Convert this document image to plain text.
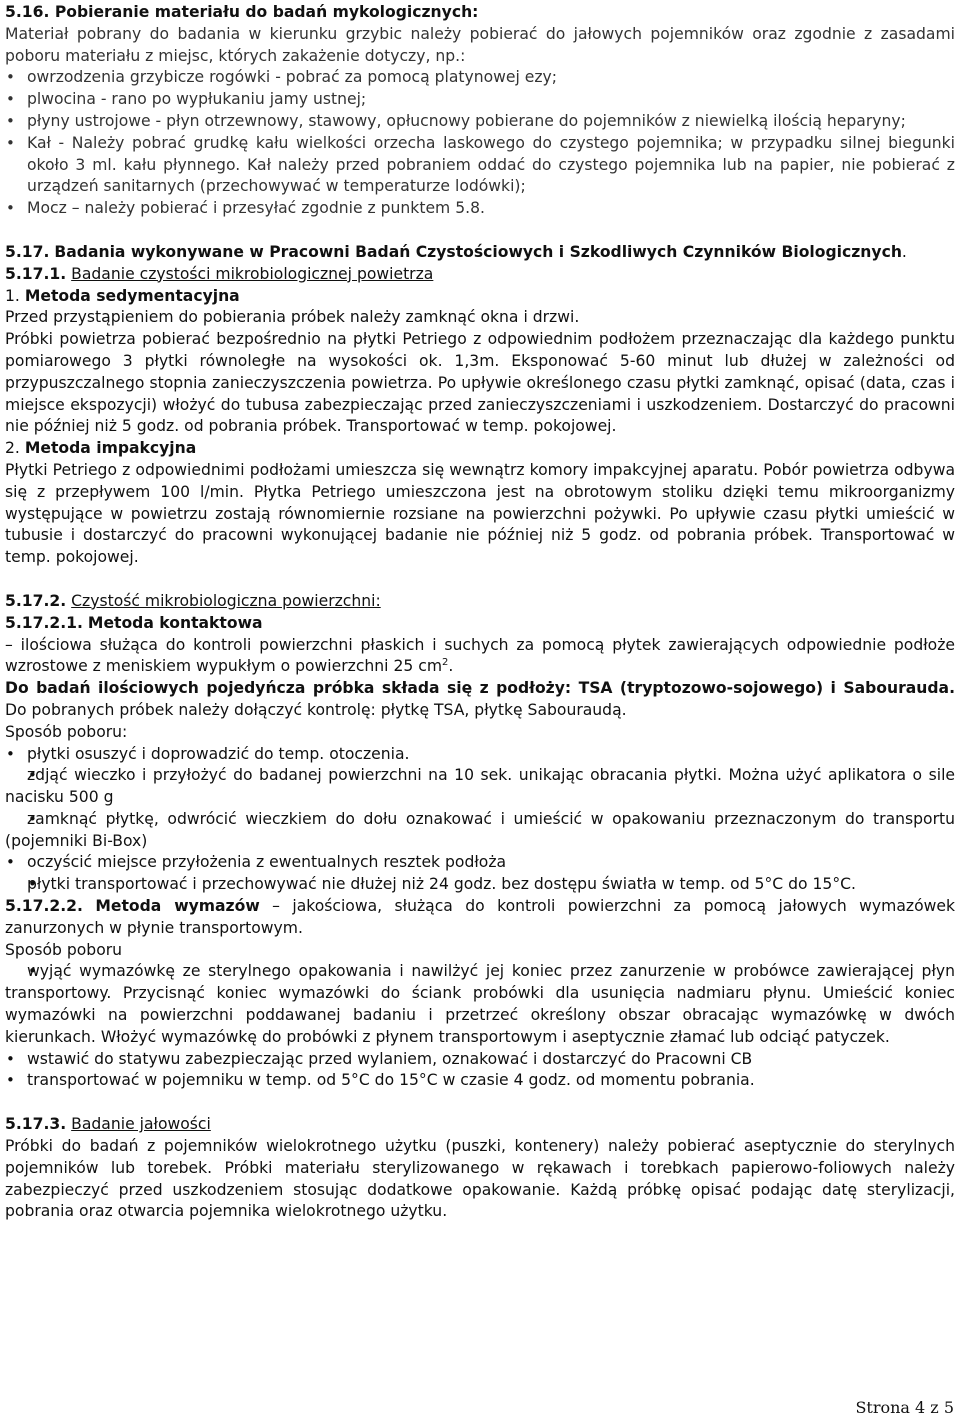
5.16. Pobieranie materiału do badań mykologicznych:

Materiał pobrany do badania w kierunku grzybic należy pobierać do jałowych pojemników oraz zgodnie z zasadami poboru materiału z miejsc, których zakażenie dotyczy, np.:

• owrzodzenia grzybicze rogówki - pobrać za pomocą platynowej ezy;
• plwocina - rano po wypłukaniu jamy ustnej;
• płyny ustrojowe - płyn otrzewnowy, stawowy, opłucnowy pobierane do pojemników z niewielką ilością heparyny;
• Kał - Należy pobrać grudkę kału wielkości orzecha laskowego do czystego pojemnika; w przypadku silnej biegunki około 3 ml. kału płynnego. Kał należy przed pobraniem oddać do czystego pojemnika lub na papier, nie pobierać z urządzeń sanitarnych (przechowywać w temperaturze lodówki);
• Mocz – należy pobierać i przesyłać zgodnie z punktem 5.8.

5.17. Badania wykonywane w Pracowni Badań Czystościowych i Szkodliwych Czynników Biologicznych.

5.17.1. Badanie czystości mikrobiologicznej powietrza

1. Metoda sedymentacyjna

Przed przystąpieniem do pobierania próbek należy zamknąć okna i drzwi.

Próbki powietrza pobierać bezpośrednio na płytki Petriego z odpowiednim podłożem przeznaczając dla każdego punktu pomiarowego 3 płytki równoległe na wysokości ok. 1,3m. Eksponować 5-60 minut lub dłużej w zależności od przypuszczalnego stopnia zanieczyszczenia powietrza. Po upływie określonego czasu płytki zamknąć, opisać (data, czas i miejsce ekspozycji) włożyć do tubusa zabezpieczając przed zanieczyszczeniami i uszkodzeniem. Dostarczyć do pracowni nie później niż 5 godz. od pobrania próbek. Transportować w temp. pokojowej.

2. Metoda impakcyjna

Płytki Petriego z odpowiednimi podłożami umieszcza się wewnątrz komory impakcyjnej aparatu. Pobór powietrza odbywa się z przepływem 100 l/min. Płytka Petriego umieszczona jest na obrotowym stoliku dzięki temu mikroorganizmy występujące w powietrzu zostają równomiernie rozsiane na powierzchni pożywki. Po upływie czasu płytki umieścić w tubusie i dostarczyć do pracowni wykonującej badanie nie później niż 5 godz. od pobrania próbek. Transportować w temp. pokojowej.

5.17.2. Czystość mikrobiologiczna powierzchni:

5.17.2.1. Metoda kontaktowa

– ilościowa służąca do kontroli powierzchni płaskich i suchych za pomocą płytek zawierających odpowiednie podłoże wzrostowe z meniskiem wypukłym o powierzchni 25 $cm^2$.

Do badań ilościowych pojedyńcza próbka składa się z podłoży: TSA (tryptozowo-sojowego) i Sabourauda. Do pobranych próbek należy dołączyć kontrolę: płytkę TSA, płytkę Sabouraudą.

Sposób poboru:

• płytki osuszyć i doprowadzić do temp. otoczenia.
• zdjąć wieczko i przyłożyć do badanej powierzchni na 10 sek. unikając obracania płytki. Można użyć aplikatora o sile nacisku 500 g
• zamknąć płytkę, odwrócić wieczkiem do dołu oznakować i umieścić w opakowaniu przeznaczonym do transportu (pojemniki Bi-Box)
• oczyścić miejsce przyłożenia z ewentualnych resztek podłoża
• płytki transportować i przechowywać nie dłużej niż 24 godz. bez dostępu światła w temp. od 5°C do 15°C.

5.17.2.2. Metoda wymazów – jakościowa, służąca do kontroli powierzchni za pomocą jałowych wymazówek zanurzonych w płynie transportowym.

Sposób poboru

• wyjąć wymazówkę ze sterylnego opakowania i nawilżyć jej koniec przez zanurzenie w probówce zawierającej płyn transportowy. Przycisnąć koniec wymazówki do ściank probówki dla usunięcia nadmiaru płynu. Umieścić koniec wymazówki na powierzchni poddawanej badaniu i przetrzeć określony obszar obracając wymazówkę w dwóch kierunkach. Włożyć wymazówkę do probówki z płynem transportowym i aseptycznie złamać lub odciąć patyczek.
• wstawić do statywu zabezpieczając przed wylaniem, oznakować i dostarczyć do Pracowni CB
• transportować w pojemniku w temp. od 5°C do 15°C w czasie 4 godz. od momentu pobrania.

5.17.3. Badanie jałowości

Próbki do badań z pojemników wielokrotnego użytku (puszki, kontenery) należy pobierać aseptycznie do sterylnych pojemników lub torebek. Próbki materiału sterylizowanego w rękawach i torebkach papierowo-foliowych należy zabezpieczyć przed uszkodzeniem stosując dodatkowe opakowanie. Każdą próbkę opisać podając datę sterylizacji, pobrania oraz otwarcia pojemnika wielokrotnego użytku.

Strona 4 z 5
